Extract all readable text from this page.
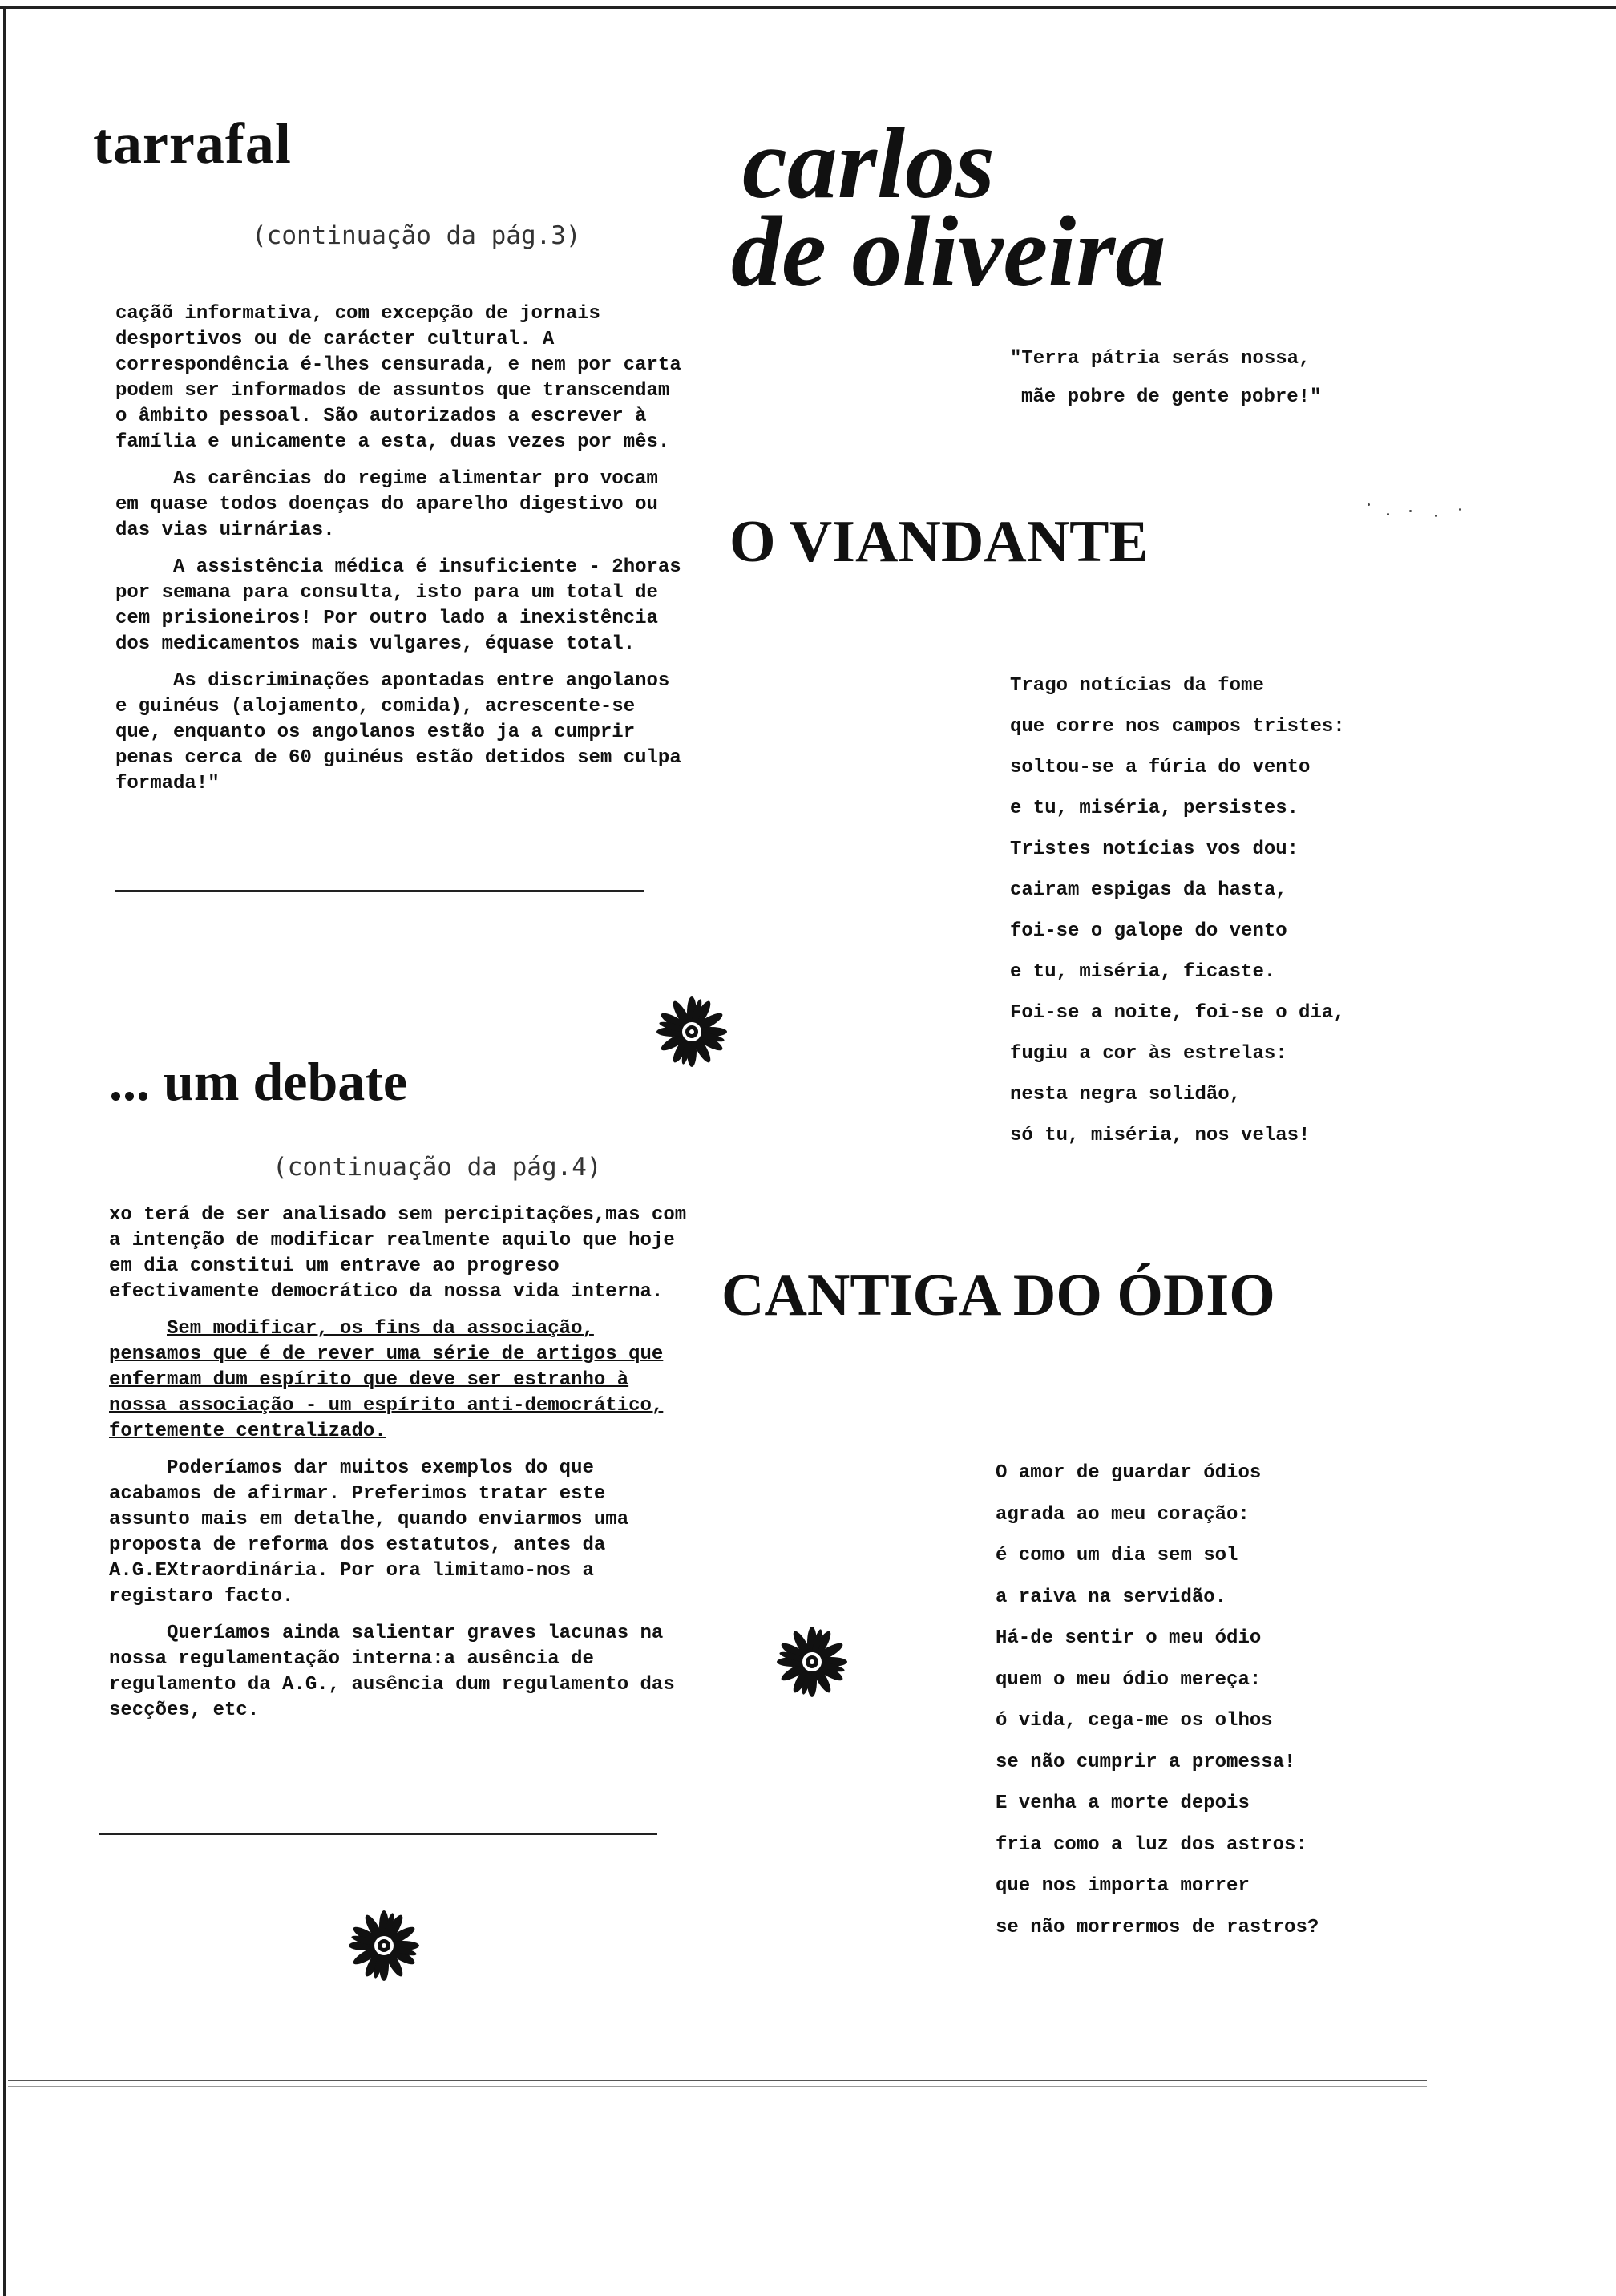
tarrafal
(continuação da pág.3)

caçãõ informativa, com excepção de jornais desportivos ou de carácter cultural. A correspondência é-lhes censurada, e nem por carta podem ser informados de assuntos que transcendam o âmbito pessoal. São autorizados a escrever à família e unicamente a esta, duas vezes por mês.

As carências do regime alimentar pro vocam em quase todos doenças do aparelho digestivo ou das vias uirnárias.

A assistência médica é insuficiente - 2horas por semana para consulta, isto para um total de cem prisioneiros! Por outro lado a inexistência dos medicamentos mais vulgares, équase total.

As discriminações apontadas entre angolanos e guinéus (alojamento, comida), acrescente-se que, enquanto os angolanos estão ja a cumprir penas cerca de 60 guinéus estão detidos sem culpa formada!"

... um debate
(continuação da pág.4)

xo terá de ser analisado sem percipitações,mas com a intenção de modificar realmente aquilo que hoje em dia constitui um entrave ao progreso efectivamente democrático da nossa vida interna.

Sem modificar, os fins da associação, pensamos que é de rever uma série de artigos que enfermam dum espírito que deve ser estranho à nossa associação - um espírito anti-democrático, fortemente centralizado.

Poderíamos dar muitos exemplos do que acabamos de afirmar. Preferimos tratar este assunto mais em detalhe, quando enviarmos uma proposta de reforma dos estatutos, antes da A.G.EXtraordinária. Por ora limitamo-nos a registaro facto.

Queríamos ainda salientar graves lacunas na nossa regulamentação interna:a ausência de regulamento da A.G., ausência dum regulamento das secções, etc.

carlos
de oliveira
"Terra pátria serás nossa,
mãe pobre de gente pobre!"
O VIANDANTE
Trago notícias da fome
que corre nos campos tristes:
soltou-se a fúria do vento
e tu, miséria, persistes.
Tristes notícias vos dou:
cairam espigas da hasta,
foi-se o galope do vento
e tu, miséria, ficaste.
Foi-se a noite, foi-se o dia,
fugiu a cor às estrelas:
nesta negra solidão,
só tu, miséria, nos velas!
CANTIGA DO ÓDIO
O amor de guardar ódios
agrada ao meu coração:
é como um dia sem sol
a raiva na servidão.
Há-de sentir o meu ódio
quem o meu ódio mereça:
ó vida, cega-me os olhos
se não cumprir a promessa!
E venha a morte depois
fria como a luz dos astros:
que nos importa morrer
se não morrermos de rastros?
